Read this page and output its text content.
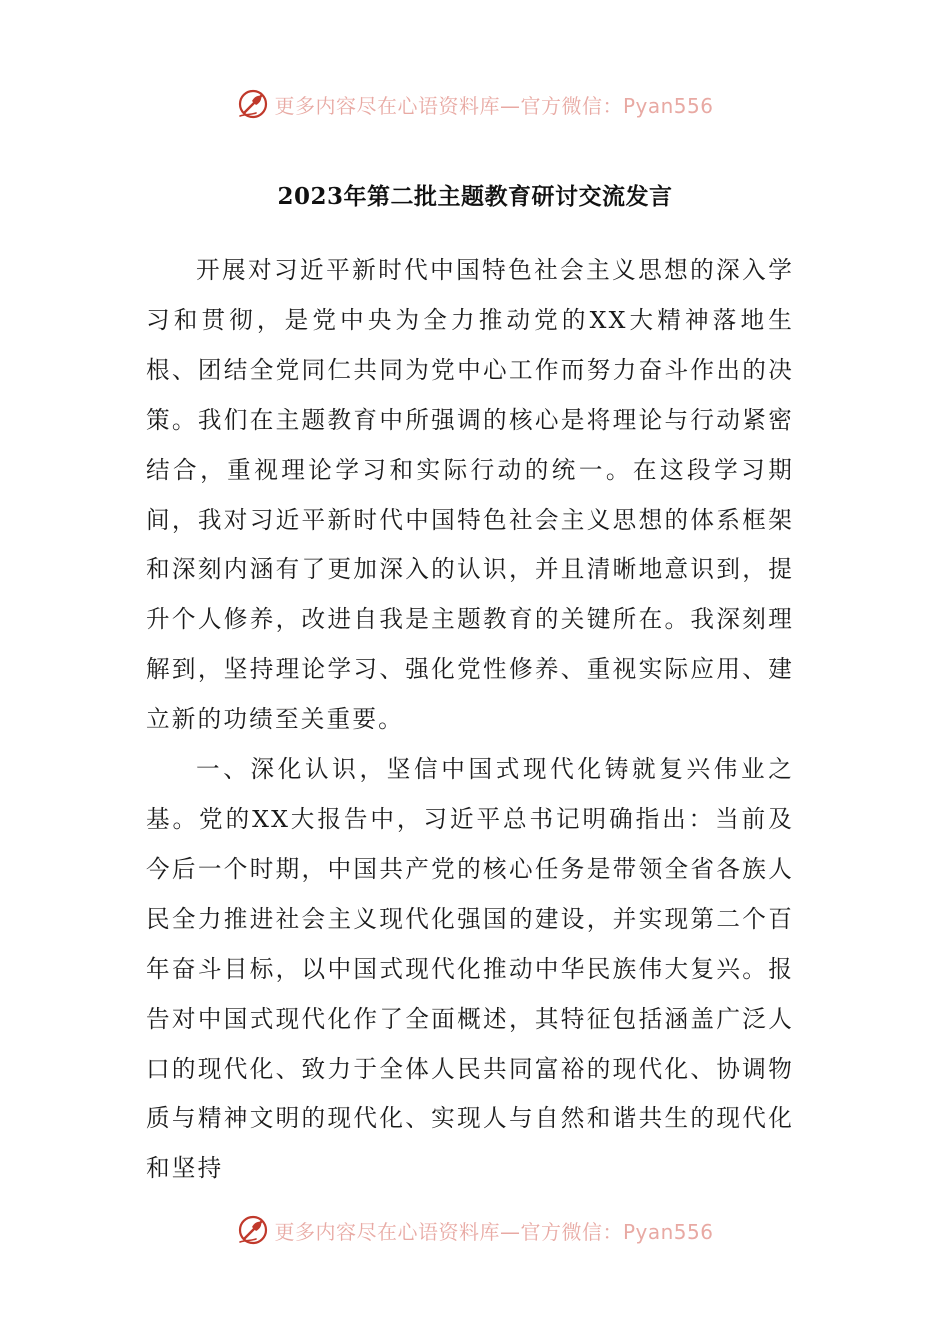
更多内容尽在心语资料库—官方微信：Pyan556
2023年第二批主题教育研讨交流发言

开展对习近平新时代中国特色社会主义思想的深入学习和贯彻，是党中央为全力推动党的XX大精神落地生根、团结全党同仁共同为党中心工作而努力奋斗作出的决策。我们在主题教育中所强调的核心是将理论与行动紧密结合，重视理论学习和实际行动的统一。在这段学习期间，我对习近平新时代中国特色社会主义思想的体系框架和深刻内涵有了更加深入的认识，并且清晰地意识到，提升个人修养，改进自我是主题教育的关键所在。我深刻理解到，坚持理论学习、强化党性修养、重视实际应用、建立新的功绩至关重要。

一、深化认识，坚信中国式现代化铸就复兴伟业之基。党的XX大报告中，习近平总书记明确指出：当前及今后一个时期，中国共产党的核心任务是带领全省各族人民全力推进社会主义现代化强国的建设，并实现第二个百年奋斗目标，以中国式现代化推动中华民族伟大复兴。报告对中国式现代化作了全面概述，其特征包括涵盖广泛人口的现代化、致力于全体人民共同富裕的现代化、协调物质与精神文明的现代化、实现人与自然和谐共生的现代化和坚持

更多内容尽在心语资料库—官方微信：Pyan556
